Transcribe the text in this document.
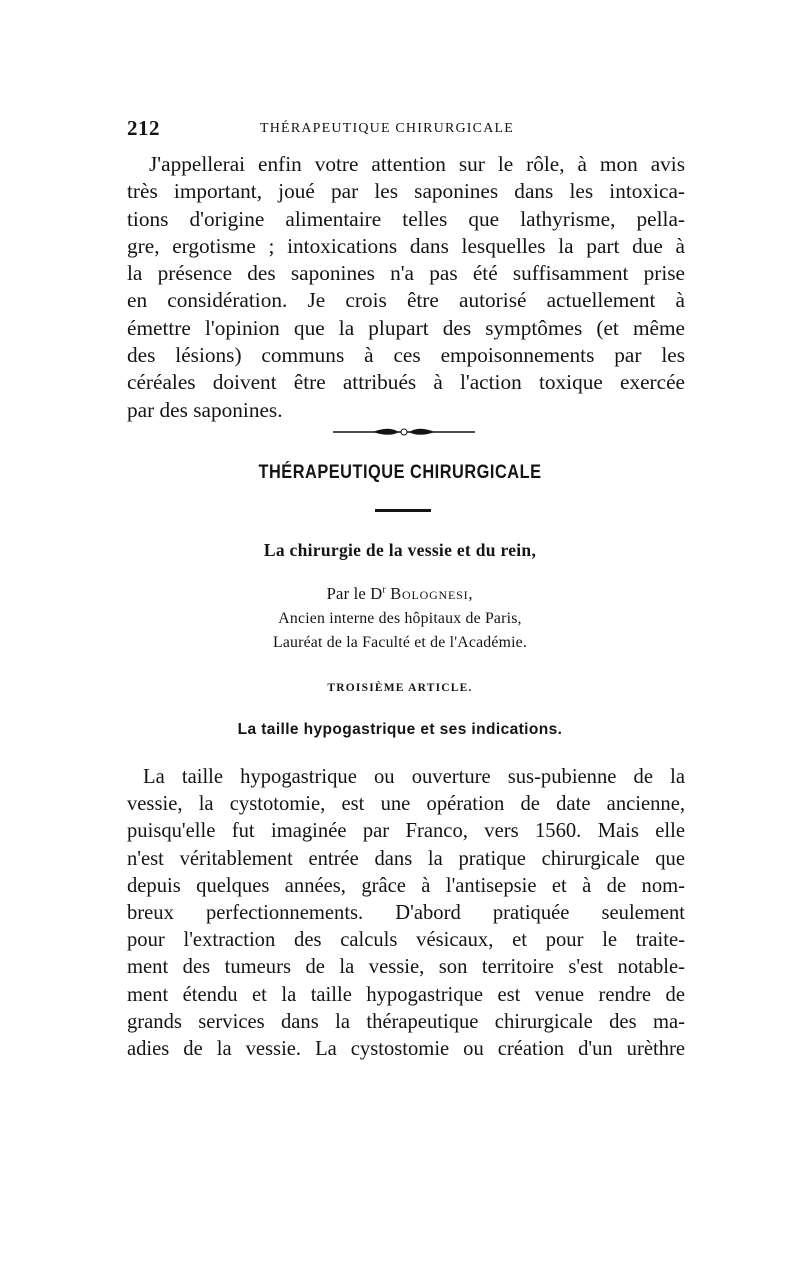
212	THÉRAPEUTIQUE CHIRURGICALE
J'appellerai enfin votre attention sur le rôle, à mon avis
très important, joué par les saponines dans les intoxica-
tions d'origine alimentaire telles que lathyrisme, pella-
gre, ergotisme ; intoxications dans lesquelles la part due à
la présence des saponines n'a pas été suffisamment prise
en considération. Je crois être autorisé actuellement à
émettre l'opinion que la plupart des symptômes (et même
des lésions) communs à ces empoisonnements par les
céréales doivent être attribués à l'action toxique exercée
par des saponines.
THÉRAPEUTIQUE CHIRURGICALE
La chirurgie de la vessie et du rein,
Par le $D^r$ Bolognesi,
Ancien interne des hôpitaux de Paris,
Lauréat de la Faculté et de l'Académie.
TROISIÈME ARTICLE.
La taille hypogastrique et ses indications.
La taille hypogastrique ou ouverture sus-pubienne de la
vessie, la cystotomie, est une opération de date ancienne,
puisqu'elle fut imaginée par Franco, vers 1560. Mais elle
n'est véritablement entrée dans la pratique chirurgicale que
depuis quelques années, grâce à l'antisepsie et à de nom-
breux perfectionnements. D'abord pratiquée seulement
pour l'extraction des calculs vésicaux, et pour le traite-
ment des tumeurs de la vessie, son territoire s'est notable-
ment étendu et la taille hypogastrique est venue rendre de
grands services dans la thérapeutique chirurgicale des ma-
adies de la vessie. La cystostomie ou création d'un urèthre
